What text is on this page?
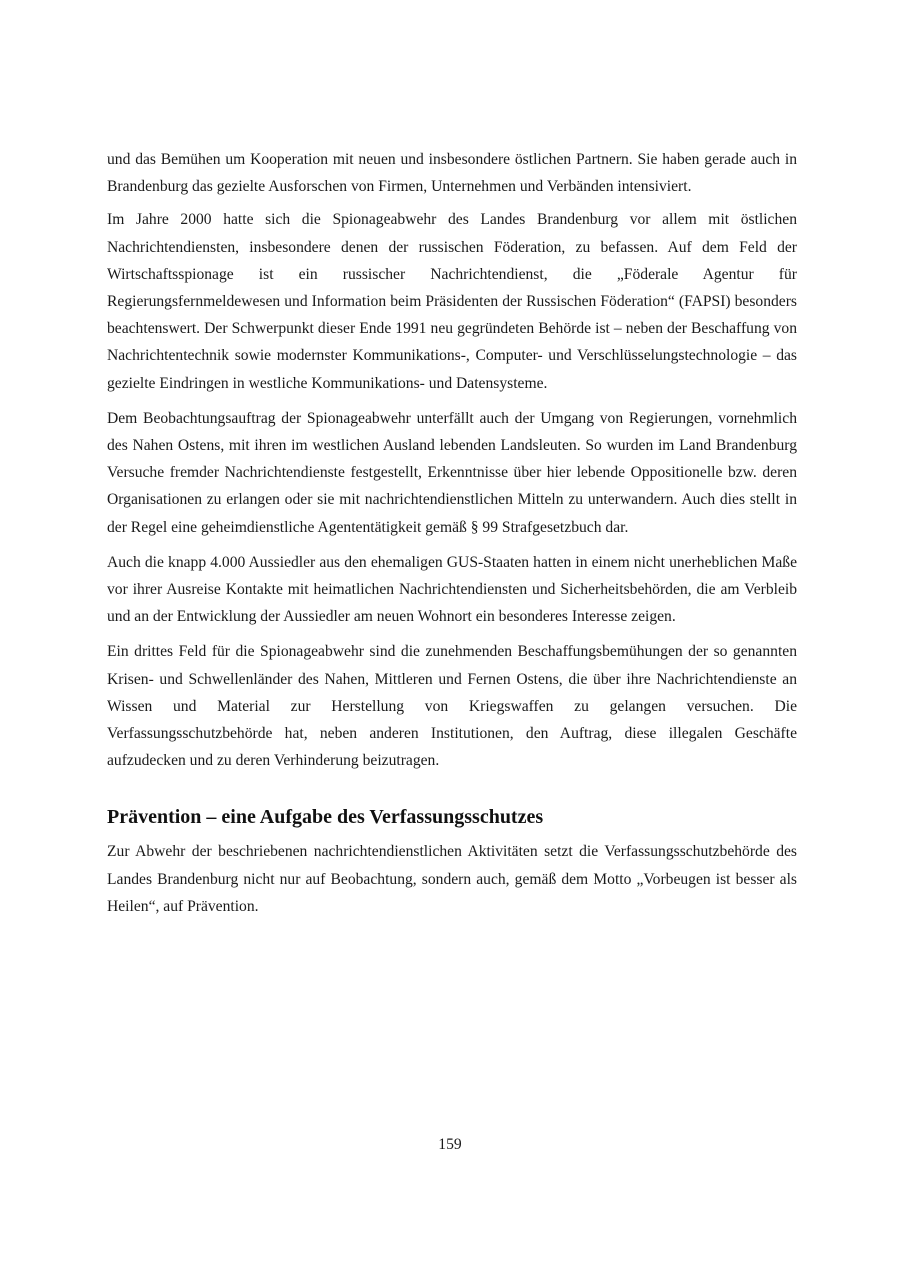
und das Bemühen um Kooperation mit neuen und insbesondere östlichen Partnern. Sie haben gerade auch in Brandenburg das gezielte Ausforschen von Firmen, Unternehmen und Verbänden intensiviert.

Im Jahre 2000 hatte sich die Spionageabwehr des Landes Brandenburg vor allem mit östlichen Nachrichtendiensten, insbesondere denen der russischen Föderation, zu befassen. Auf dem Feld der Wirtschaftsspionage ist ein russischer Nachrichtendienst, die „Föderale Agentur für Regierungsfernmeldewesen und Information beim Präsidenten der Russischen Föderation“ (FAPSI) besonders beachtenswert. Der Schwerpunkt dieser Ende 1991 neu gegründeten Behörde ist – neben der Beschaffung von Nachrichtentechnik sowie modernster Kommunikations-, Computer- und Verschlüsselungstechnologie – das gezielte Eindringen in westliche Kommunikations- und Datensysteme.

Dem Beobachtungsauftrag der Spionageabwehr unterfällt auch der Umgang von Regierungen, vornehmlich des Nahen Ostens, mit ihren im westlichen Ausland lebenden Landsleuten. So wurden im Land Brandenburg Versuche fremder Nachrichtendienste festgestellt, Erkenntnisse über hier lebende Oppositionelle bzw. deren Organisationen zu erlangen oder sie mit nachrichtendienstlichen Mitteln zu unterwandern. Auch dies stellt in der Regel eine geheimdienstliche Agententätigkeit gemäß § 99 Strafgesetzbuch dar.

Auch die knapp 4.000 Aussiedler aus den ehemaligen GUS-Staaten hatten in einem nicht unerheblichen Maße vor ihrer Ausreise Kontakte mit heimatlichen Nachrichtendiensten und Sicherheitsbehörden, die am Verbleib und an der Entwicklung der Aussiedler am neuen Wohnort ein besonderes Interesse zeigen.

Ein drittes Feld für die Spionageabwehr sind die zunehmenden Beschaffungsbemühungen der so genannten Krisen- und Schwellenländer des Nahen, Mittleren und Fernen Ostens, die über ihre Nachrichtendienste an Wissen und Material zur Herstellung von Kriegswaffen zu gelangen versuchen. Die Verfassungsschutzbehörde hat, neben anderen Institutionen, den Auftrag, diese illegalen Geschäfte aufzudecken und zu deren Verhinderung beizutragen.

Prävention – eine Aufgabe des Verfassungsschutzes

Zur Abwehr der beschriebenen nachrichtendienstlichen Aktivitäten setzt die Verfassungsschutzbehörde des Landes Brandenburg nicht nur auf Beobachtung, sondern auch, gemäß dem Motto „Vorbeugen ist besser als Heilen“, auf Prävention.

159
